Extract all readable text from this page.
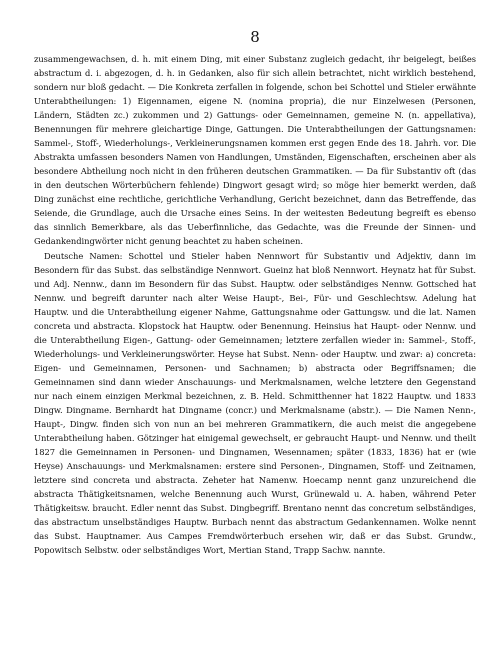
8

zusammengewachsen, d. h. mit einem Ding, mit einer Substanz zugleich gedacht, ihr beigelegt, beißes abstractum d. i. abgezogen, d. h. in Gedanken, also für sich allein betrachtet, nicht wirklich bestehend, sondern nur bloß gedacht. — Die Konkreta zerfallen in folgende, schon bei Schottel und Stieler erwähnte Unterabtheilungen: 1) Eigennamen, eigene N. (nomina propria), die nur Einzelwesen (Personen, Ländern, Städten zc.) zukommen und 2) Gattungs- oder Gemeinnamen, gemeine N. (n. appellativa), Benennungen für mehrere gleichartige Dinge, Gattungen. Die Unterabtheilungen der Gattungsnamen: Sammel-, Stoff-, Wiederholungs-, Verkleinerungsnamen kommen erst gegen Ende des 18. Jahrh. vor. Die Abstrakta umfassen besonders Namen von Handlungen, Umständen, Eigenschaften, erscheinen aber als besondere Abtheilung noch nicht in den früheren deutschen Grammatiken. — Da für Substantiv oft (das in den deutschen Wörterbüchern fehlende) Dingwort gesagt wird; so möge hier bemerkt werden, daß Ding zunächst eine rechtliche, gerichtliche Verhandlung, Gericht bezeichnet, dann das Betreffende, das Seiende, die Grundlage, auch die Ursache eines Seins. In der weitesten Bedeutung begreift es ebenso das sinnlich Bemerkbare, als das Ueberfinnliche, das Gedachte, was die Freunde der Sinnen- und Gedankendingwörter nicht genung beachtet zu haben scheinen.

Deutsche Namen: Schottel und Stieler haben Nennwort für Substantiv und Adjektiv, dann im Besondern für das Subst. das selbständige Nennwort. Gueinz hat bloß Nennwort. Heynatz hat für Subst. und Adj. Nennw., dann im Besondern für das Subst. Hauptw. oder selbständiges Nennw. Gottsched hat Nennw. und begreift darunter nach alter Weise Haupt-, Bei-, Für- und Geschlechtsw. Adelung hat Hauptw. und die Unterabtheilung eigener Nahme, Gattungsnahme oder Gattungsw. und die lat. Namen concreta und abstracta. Klopstock hat Hauptw. oder Benennung. Heinsius hat Haupt- oder Nennw. und die Unterabtheilung Eigen-, Gattung- oder Gemeinnamen; letztere zerfallen wieder in: Sammel-, Stoff-, Wiederholungs- und Verkleinerungswörter. Heyse hat Subst. Nenn- oder Hauptw. und zwar: a) concreta: Eigen- und Gemeinnamen, Personen- und Sachnamen; b) abstracta oder Begriffsnamen; die Gemeinnamen sind dann wieder Anschauungs- und Merkmalsnamen, welche letztere den Gegenstand nur nach einem einzigen Merkmal bezeichnen, z. B. Held. Schmitthenner hat 1822 Hauptw. und 1833 Dingw. Dingname. Bernhardt hat Dingname (concr.) und Merkmalsname (abstr.). — Die Namen Nenn-, Haupt-, Dingw. finden sich von nun an bei mehreren Grammatikern, die auch meist die angegebene Unterabtheilung haben. Götzinger hat einigemal gewechselt, er gebraucht Haupt- und Nennw. und theilt 1827 die Gemeinnamen in Personen- und Dingnamen, Wesennamen; später (1833, 1836) hat er (wie Heyse) Anschauungs- und Merkmalsnamen: erstere sind Personen-, Dingnamen, Stoff- und Zeitnamen, letztere sind concreta und abstracta. Zeheter hat Namenw. Hoecamp nennt ganz unzureichend die abstracta Thätigkeitsnamen, welche Benennung auch Wurst, Grünewald u. A. haben, während Peter Thätigkeitsw. braucht. Edler nennt das Subst. Dingbegriff. Brentano nennt das concretum selbständiges, das abstractum unselbständiges Hauptw. Burbach nennt das abstractum Gedankennamen. Wolke nennt das Subst. Hauptnamer. Aus Campes Fremdwörterbuch ersehen wir, daß er das Subst. Grundw., Popowitsch Selbstw. oder selbständiges Wort, Mertian Stand, Trapp Sachw. nannte.
